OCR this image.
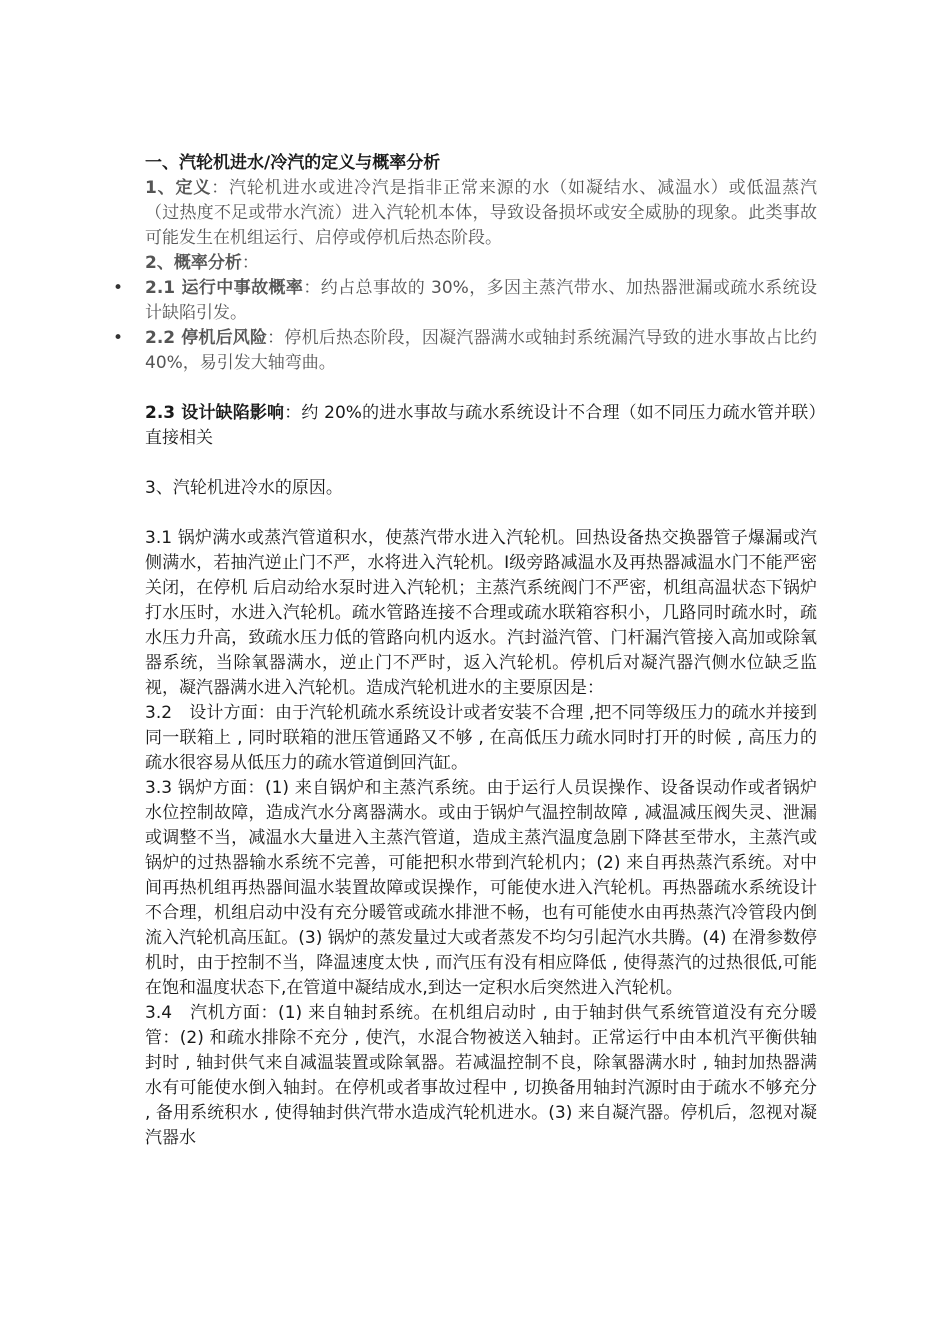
一、汽轮机进水/冷汽的定义与概率分析

1、定义：汽轮机进水或进冷汽是指非正常来源的水（如凝结水、减温水）或低温蒸汽（过热度不足或带水汽流）进入汽轮机本体，导致设备损坏或安全威胁的现象。此类事故可能发生在机组运行、启停或停机后热态阶段。

2、概率分析：

• 2.1 运行中事故概率：约占总事故的 30%，多因主蒸汽带水、加热器泄漏或疏水系统设计缺陷引发。

• 2.2 停机后风险：停机后热态阶段，因凝汽器满水或轴封系统漏汽导致的进水事故占比约 40%，易引发大轴弯曲。

2.3 设计缺陷影响：约 20%的进水事故与疏水系统设计不合理（如不同压力疏水管并联）直接相关

3、汽轮机进冷水的原因。

3.1 锅炉满水或蒸汽管道积水，使蒸汽带水进入汽轮机。回热设备热交换器管子爆漏或汽侧满水，若抽汽逆止门不严，水将进入汽轮机。Ⅰ级旁路减温水及再热器减温水门不能严密关闭，在停机 后启动给水泵时进入汽轮机；主蒸汽系统阀门不严密，机组高温状态下锅炉打水压时，水进入汽轮机。疏水管路连接不合理或疏水联箱容积小，几路同时疏水时，疏水压力升高，致疏水压力低的管路向机内返水。汽封溢汽管、门杆漏汽管接入高加或除氧器系统，当除氧器满水，逆止门不严时，返入汽轮机。停机后对凝汽器汽侧水位缺乏监视，凝汽器满水进入汽轮机。造成汽轮机进水的主要原因是：

3.2　设计方面：由于汽轮机疏水系统设计或者安装不合理 ,把不同等级压力的疏水并接到同一联箱上 , 同时联箱的泄压管通路又不够 , 在高低压力疏水同时打开的时候 , 高压力的疏水很容易从低压力的疏水管道倒回汽缸。

3.3 锅炉方面：(1) 来自锅炉和主蒸汽系统。由于运行人员误操作、设备误动作或者锅炉水位控制故障，造成汽水分离器满水。或由于锅炉气温控制故障 , 减温减压阀失灵、泄漏或调整不当，减温水大量进入主蒸汽管道，造成主蒸汽温度急剧下降甚至带水，主蒸汽或锅炉的过热器输水系统不完善，可能把积水带到汽轮机内；(2) 来自再热蒸汽系统。对中间再热机组再热器间温水装置故障或误操作，可能使水进入汽轮机。再热器疏水系统设计不合理，机组启动中没有充分暖管或疏水排泄不畅，也有可能使水由再热蒸汽冷管段内倒流入汽轮机高压缸。(3) 锅炉的蒸发量过大或者蒸发不均匀引起汽水共腾。(4) 在滑参数停机时，由于控制不当，降温速度太快 , 而汽压有没有相应降低 , 使得蒸汽的过热很低,可能在饱和温度状态下,在管道中凝结成水,到达一定积水后突然进入汽轮机。

3.4　汽机方面：(1) 来自轴封系统。在机组启动时 , 由于轴封供气系统管道没有充分暖管：(2) 和疏水排除不充分 , 使汽，水混合物被送入轴封。正常运行中由本机汽平衡供轴封时 , 轴封供气来自减温装置或除氧器。若减温控制不良，除氧器满水时 , 轴封加热器满水有可能使水倒入轴封。在停机或者事故过程中 , 切换备用轴封汽源时由于疏水不够充分 , 备用系统积水 , 使得轴封供汽带水造成汽轮机进水。(3) 来自凝汽器。停机后，忽视对凝汽器水
